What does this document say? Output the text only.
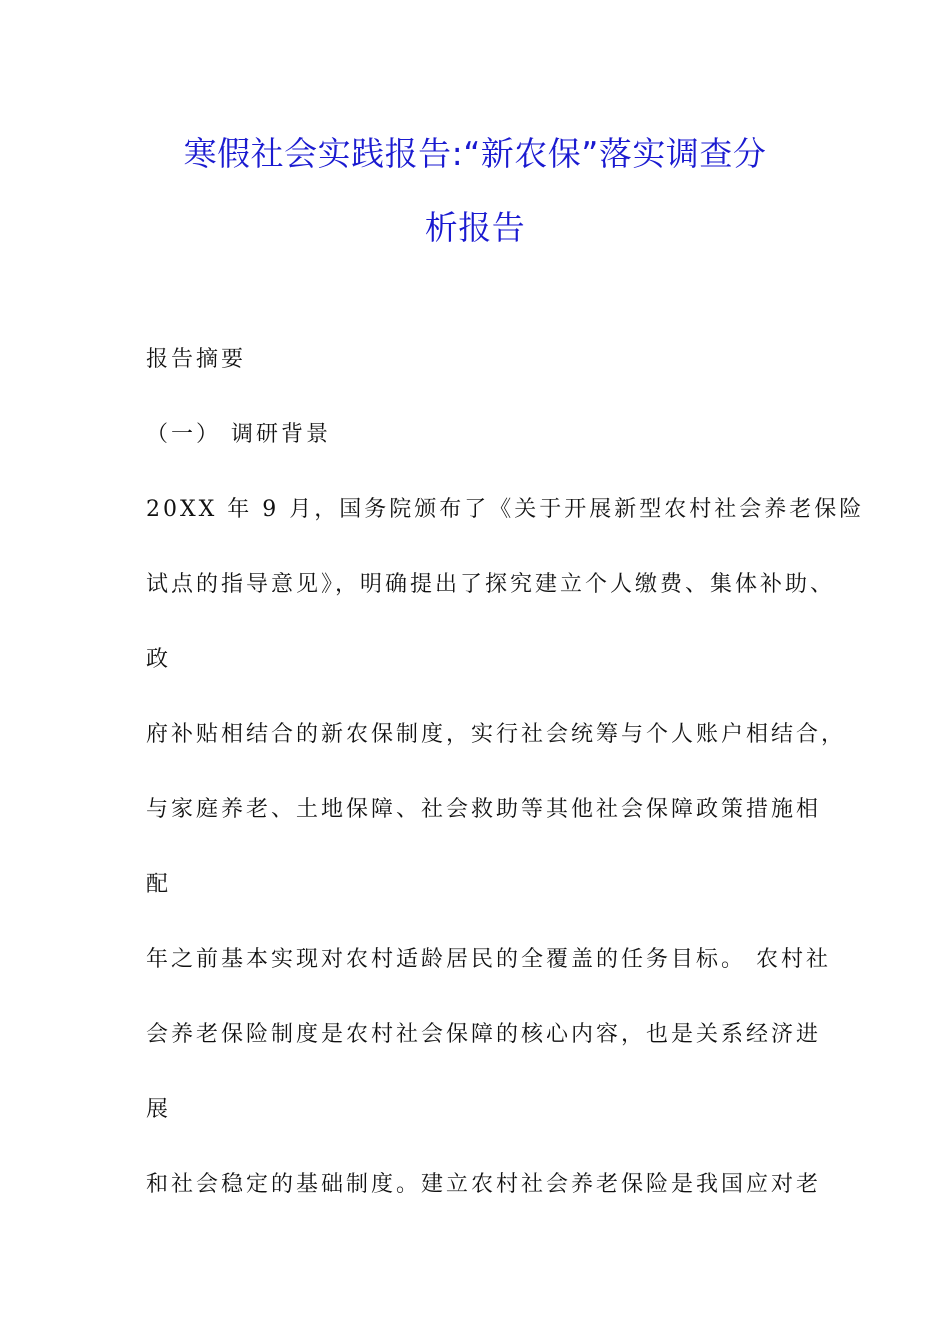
寒假社会实践报告:“新农保”落实调查分
析报告
报告摘要
（一） 调研背景
20XX 年 9 月，国务院颁布了《关于开展新型农村社会养老保险
试点的指导意见》，明确提出了探究建立个人缴费、集体补助、
政
府补贴相结合的新农保制度，实行社会统筹与个人账户相结合，
与家庭养老、土地保障、社会救助等其他社会保障政策措施相
配
年之前基本实现对农村适龄居民的全覆盖的任务目标。 农村社
会养老保险制度是农村社会保障的核心内容，也是关系经济进
展
和社会稳定的基础制度。建立农村社会养老保险是我国应对老
